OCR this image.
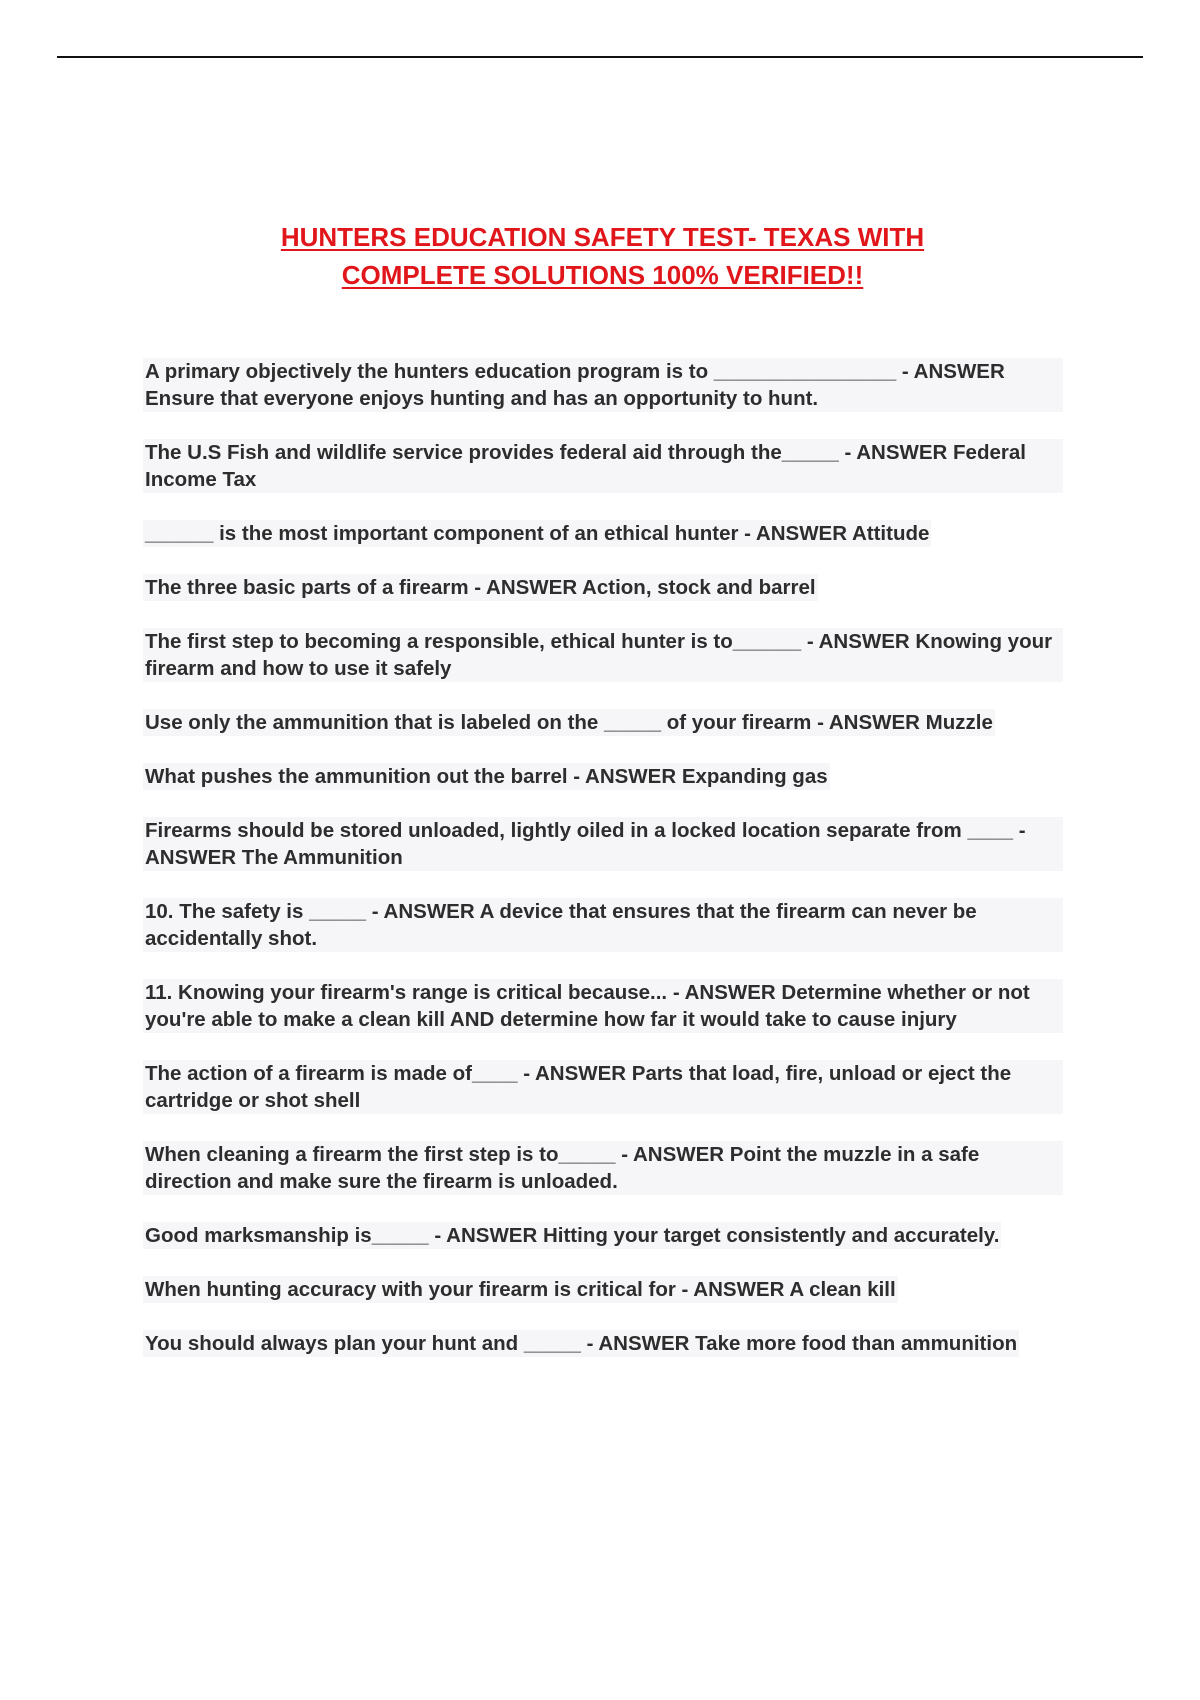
HUNTERS EDUCATION SAFETY TEST- TEXAS WITH
COMPLETE SOLUTIONS 100% VERIFIED!!
A primary objectively the hunters education program is to ________________ - ANSWER Ensure that everyone enjoys hunting and has an opportunity to hunt.
The U.S Fish and wildlife service provides federal aid through the_____ - ANSWER Federal Income Tax
______ is the most important component of an ethical hunter - ANSWER Attitude
The three basic parts of a firearm - ANSWER Action, stock and barrel
The first step to becoming a responsible, ethical hunter is to______ - ANSWER Knowing your firearm and how to use it safely
Use only the ammunition that is labeled on the _____ of your firearm - ANSWER Muzzle
What pushes the ammunition out the barrel - ANSWER Expanding gas
Firearms should be stored unloaded, lightly oiled in a locked location separate from ____ - ANSWER The Ammunition
10. The safety is _____ - ANSWER A device that ensures that the firearm can never be accidentally shot.
11. Knowing your firearm's range is critical because... - ANSWER Determine whether or not you're able to make a clean kill AND determine how far it would take to cause injury
The action of a firearm is made of____ - ANSWER Parts that load, fire, unload or eject the cartridge or shot shell
When cleaning a firearm the first step is to_____ - ANSWER Point the muzzle in a safe direction and make sure the firearm is unloaded.
Good marksmanship is_____ - ANSWER Hitting your target consistently and accurately.
When hunting accuracy with your firearm is critical for - ANSWER A clean kill
You should always plan your hunt and _____ - ANSWER Take more food than ammunition
